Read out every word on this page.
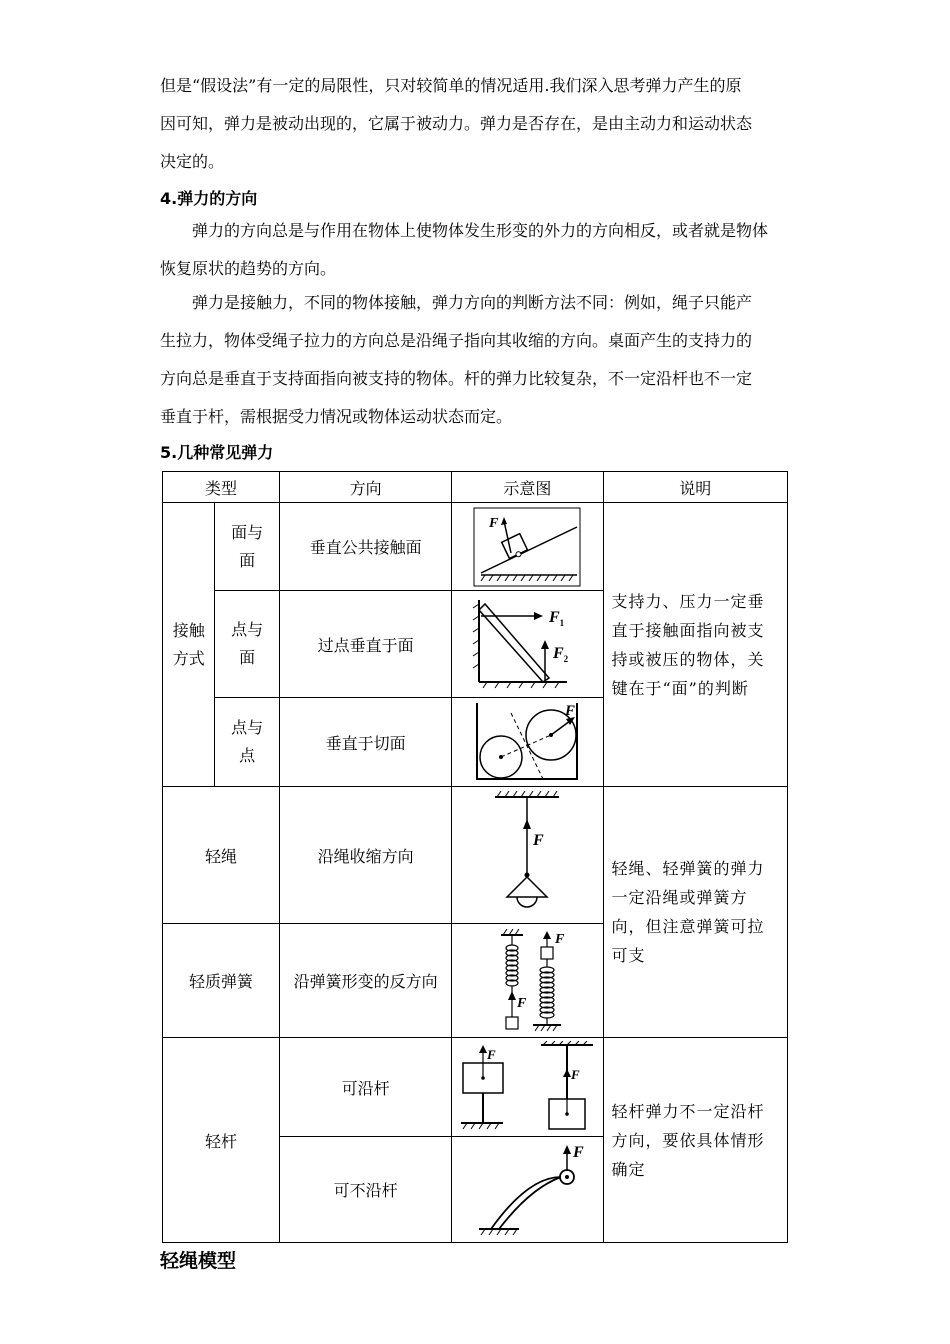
但是“假设法”有一定的局限性，只对较简单的情况适用.我们深入思考弹力产生的原
因可知，弹力是被动出现的，它属于被动力。弹力是否存在，是由主动力和运动状态
决定的。

4.弹力的方向

弹力的方向总是与作用在物体上使物体发生形变的外力的方向相反，或者就是物体
恢复原状的趋势的方向。

弹力是接触力，不同的物体接触，弹力方向的判断方法不同：例如，绳子只能产
生拉力，物体受绳子拉力的方向总是沿绳子指向其收缩的方向。桌面产生的支持力的
方向总是垂直于支持面指向被支持的物体。杆的弹力比较复杂，不一定沿杆也不一定
垂直于杆，需根据受力情况或物体运动状态而定。

5.几种常见弹力

类型		方向	示意图	说明

接触方式	面与面	垂直公共接触面	F	支持力、压力一定垂直于接触面指向被支持或被压的物体，关键在于“面”的判断

	点与面	过点垂直于面	$F_1$
$F_2$

	点与点	垂直于切面	F	

轻绳		沿绳收缩方向	F	轻绳、轻弹簧的弹力一定沿绳或弹簧方向，但注意弹簧可拉可支
轻质弹簧		沿弹簧形变的反方向	F
F	

轻杆		可沿杆	F
F	轻杆弹力不一定沿杆方向，要依具体情形确定
		可不沿杆	F	

轻绳模型
